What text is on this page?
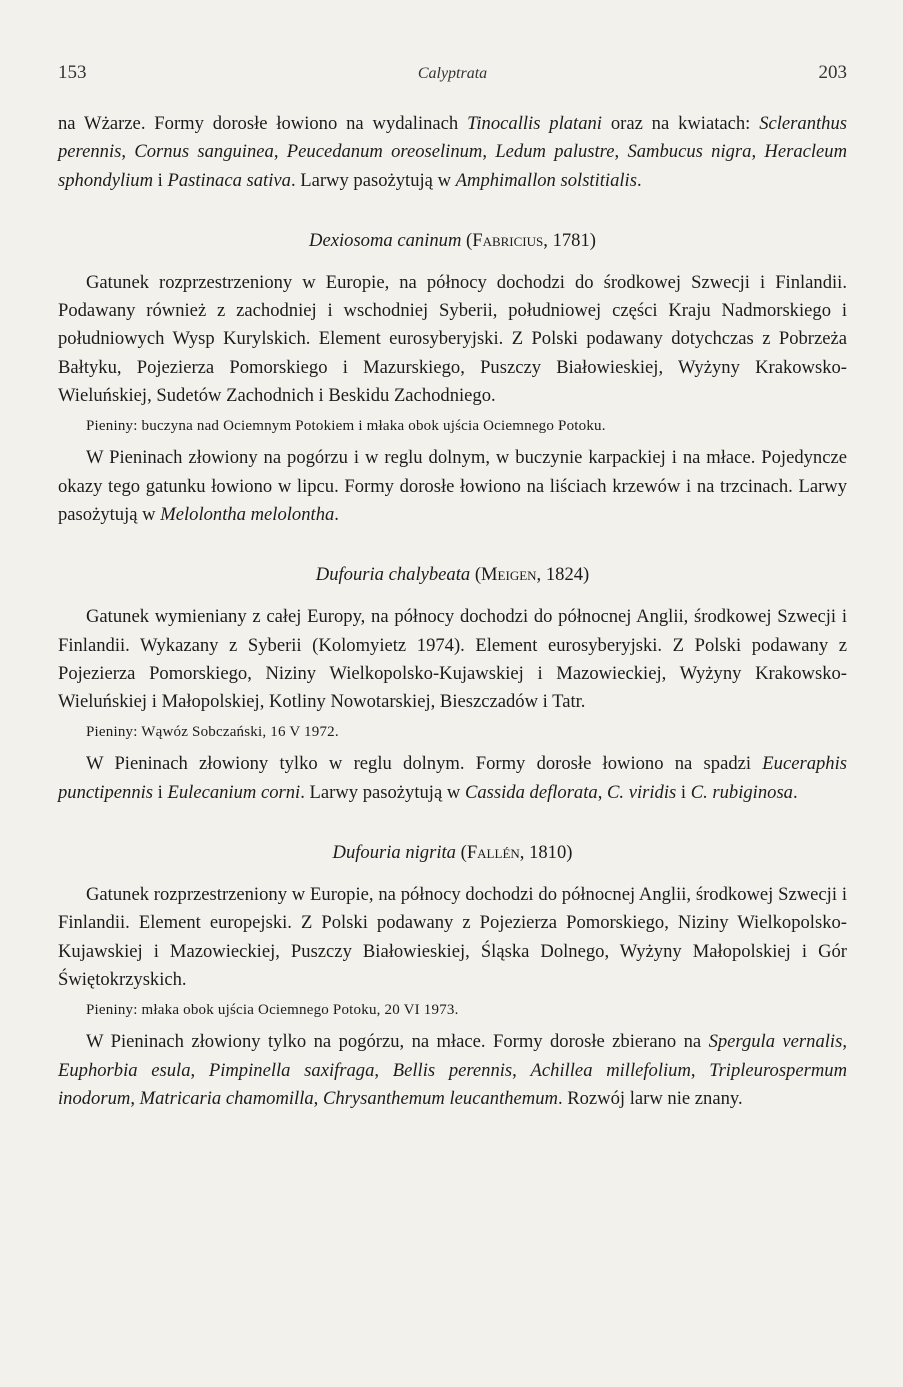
153	Calyptrata	203

na Wżarze. Formy dorosłe łowiono na wydalinach Tinocallis platani oraz na kwiatach: Scleranthus perennis, Cornus sanguinea, Peucedanum oreoselinum, Ledum palustre, Sambucus nigra, Heracleum sphondylium i Pastinaca sativa. Larwy pasożytują w Amphimallon solstitialis.

Dexiosoma caninum (Fabricius, 1781)

Gatunek rozprzestrzeniony w Europie, na północy dochodzi do środkowej Szwecji i Finlandii. Podawany również z zachodniej i wschodniej Syberii, południowej części Kraju Nadmorskiego i południowych Wysp Kurylskich. Element eurosyberyjski. Z Polski podawany dotychczas z Pobrzeża Bałtyku, Pojezierza Pomorskiego i Mazurskiego, Puszczy Białowieskiej, Wyżyny Krakowsko-Wieluńskiej, Sudetów Zachodnich i Beskidu Zachodniego.

Pieniny: buczyna nad Ociemnym Potokiem i młaka obok ujścia Ociemnego Potoku.

W Pieninach złowiony na pogórzu i w reglu dolnym, w buczynie karpackiej i na młace. Pojedyncze okazy tego gatunku łowiono w lipcu. Formy dorosłe łowiono na liściach krzewów i na trzcinach. Larwy pasożytują w Melolontha melolontha.

Dufouria chalybeata (Meigen, 1824)

Gatunek wymieniany z całej Europy, na północy dochodzi do północnej Anglii, środkowej Szwecji i Finlandii. Wykazany z Syberii (Kolomyietz 1974). Element eurosyberyjski. Z Polski podawany z Pojezierza Pomorskiego, Niziny Wielkopolsko-Kujawskiej i Mazowieckiej, Wyżyny Krakowsko-Wieluńskiej i Małopolskiej, Kotliny Nowotarskiej, Bieszczadów i Tatr.

Pieniny: Wąwóz Sobczański, 16 V 1972.

W Pieninach złowiony tylko w reglu dolnym. Formy dorosłe łowiono na spadzi Euceraphis punctipennis i Eulecanium corni. Larwy pasożytują w Cassida deflorata, C. viridis i C. rubiginosa.

Dufouria nigrita (Fallén, 1810)

Gatunek rozprzestrzeniony w Europie, na północy dochodzi do północnej Anglii, środkowej Szwecji i Finlandii. Element europejski. Z Polski podawany z Pojezierza Pomorskiego, Niziny Wielkopolsko-Kujawskiej i Mazowieckiej, Puszczy Białowieskiej, Śląska Dolnego, Wyżyny Małopolskiej i Gór Świętokrzyskich.

Pieniny: młaka obok ujścia Ociemnego Potoku, 20 VI 1973.

W Pieninach złowiony tylko na pogórzu, na młace. Formy dorosłe zbierano na Spergula vernalis, Euphorbia esula, Pimpinella saxifraga, Bellis perennis, Achillea millefolium, Tripleurospermum inodorum, Matricaria chamomilla, Chrysanthemum leucanthemum. Rozwój larw nie znany.
